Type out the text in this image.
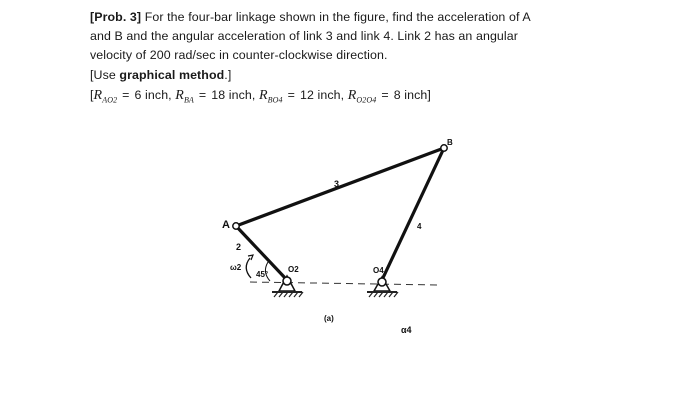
[Prob. 3] For the four-bar linkage shown in the figure, find the acceleration of A

and B and the angular acceleration of link 3 and link 4. Link 2 has an angular

velocity of 200 rad/sec in counter-clockwise direction.

[Use graphical method.]

[$R_{AO2} = 6$ inch, $R_{BA} = 18$ inch, $R_{BO4} = 12$ inch, $R_{O2O4} = 8$ inch]

A
B
2
3
4
O2	O4
ω2
45°
(a)
α4
